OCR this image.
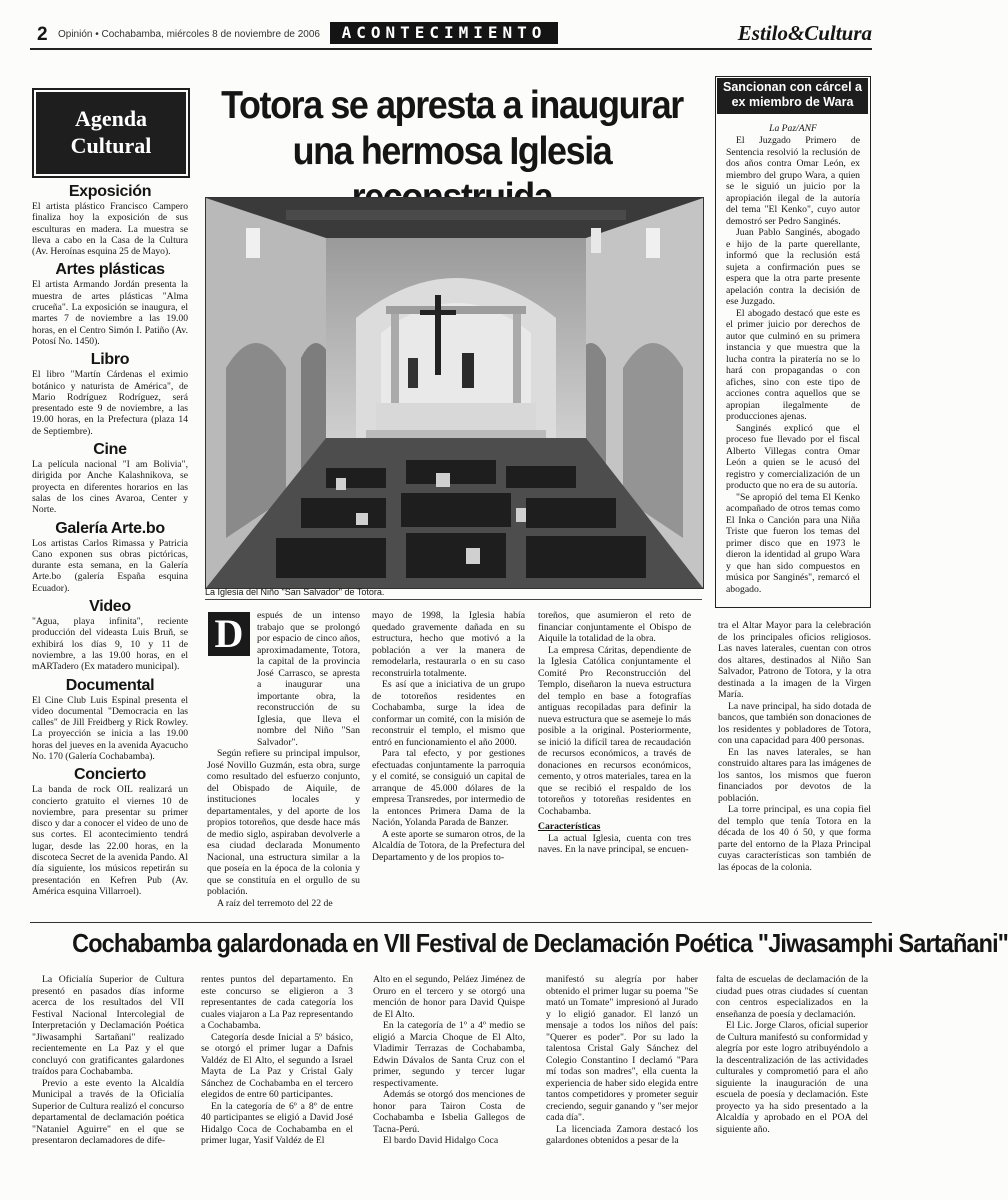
2 Opinión • Cochabamba, miércoles 8 de noviembre de 2006	ACONTECIMIENTO	Estilo&Cultura
Agenda
Cultural
Exposición

El artista plástico Francisco Campero finaliza hoy la exposición de sus esculturas en madera. La muestra se lleva a cabo en la Casa de la Cultura (Av. Heroínas esquina 25 de Mayo).

Artes plásticas

El artista Armando Jordán presenta la muestra de artes plásticas "Alma cruceña". La exposición se inaugura, el martes 7 de noviembre a las 19.00 horas, en el Centro Simón I. Patiño (Av. Potosí No. 1450).

Libro

El libro "Martín Cárdenas el eximio botánico y naturista de América", de Mario Rodríguez Rodríguez, será presentado este 9 de noviembre, a las 19.00 horas, en la Prefectura (plaza 14 de Septiembre).

Cine

La película nacional "I am Bolivia", dirigida por Anche Kalashnikova, se proyecta en diferentes horarios en las salas de los cines Avaroa, Center y Norte.

Galería Arte.bo

Los artistas Carlos Rimassa y Patricia Cano exponen sus obras pictóricas, durante esta semana, en la Galería Arte.bo (galería España esquina Ecuador).

Video

"Agua, playa infinita", reciente producción del videasta Luis Bruň, se exhibirá los días 9, 10 y 11 de noviembre, a las 19.00 horas, en el mARTadero (Ex matadero municipal).

Documental

El Cine Club Luis Espinal presenta el video documental "Democracia en las calles" de Jill Freidberg y Rick Rowley. La proyección se inicia a las 19.00 horas del jueves en la avenida Ayacucho No. 170 (Galería Cochabamba).

Concierto

La banda de rock OIL realizará un concierto gratuito el viernes 10 de noviembre, para presentar su primer disco y dar a conocer el video de uno de sus cortes. El acontecimiento tendrá lugar, desde las 22.00 horas, en la discoteca Secret de la avenida Pando. Al día siguiente, los músicos repetirán su presentación en Kefren Pub (Av. América esquina Villarroel).

Totora se apresta a inaugurar
una hermosa Iglesia
La Iglesia del Niño "San Salvador" de Totora.
Sancionan con cárcel a ex miembro de Wara
La Paz/ANF

El Juzgado Primero de Sentencia resolvió la reclusión de dos años contra Omar León, ex miembro del grupo Wara, a quien se le siguió un juicio por la apropiación ilegal de la autoría del tema "El Kenko", cuyo autor demostró ser Pedro Sanginés.

Juan Pablo Sanginés, abogado e hijo de la parte querellante, informó que la reclusión está sujeta a confirmación pues se espera que la otra parte presente apelación contra la decisión de ese Juzgado.

El abogado destacó que este es el primer juicio por derechos de autor que culminó en su primera instancia y que muestra que la lucha contra la piratería no se lo hará con propagandas o con afiches, sino con este tipo de acciones contra aquellos que se apropian ilegalmente de producciones ajenas.

Sanginés explicó que el proceso fue llevado por el fiscal Alberto Villegas contra Omar León a quien se le acusó del registro y comercialización de un producto que no era de su autoría.

"Se apropió del tema El Kenko acompañado de otros temas como El Inka o Canción para una Niña Triste que fueron los temas del primer disco que en 1973 le dieron la identidad al grupo Wara y que han sido compuestos en música por Sanginés", remarcó el abogado.

D	espués de un intenso trabajo que se prolongó por espacio de cinco años, aproximadamente, Totora, la capital de la provincia José Carrasco, se apresta a inaugurar una importante obra, la reconstrucción de su Iglesia, que lleva el nombre del Niño "San Salvador".

Según refiere su principal impulsor, José Novillo Guzmán, esta obra, surge como resultado del esfuerzo conjunto, del Obispado de Aiquile, de instituciones locales y departamentales, y del aporte de los propios totoreños, que desde hace más de medio siglo, aspiraban devolverle a esa ciudad declarada Monumento Nacional, una estructura similar a la que poseía en la época de la colonia y que se constituía en el orgullo de su población.

A raíz del terremoto del 22 de

mayo de 1998, la Iglesia había quedado gravemente dañada en su estructura, hecho que motivó a la población a ver la manera de remodelarla, restaurarla o en su caso reconstruirla totalmente.

Es así que a iniciativa de un grupo de totoreños residentes en Cochabamba, surge la idea de conformar un comité, con la misión de reconstruir el templo, el mismo que entró en funcionamiento el año 2000.

Para tal efecto, y por gestiones efectuadas conjuntamente la parroquia y el comité, se consiguió un capital de arranque de 45.000 dólares de la empresa Transredes, por intermedio de la entonces Primera Dama de la Nación, Yolanda Parada de Banzer.

A este aporte se sumaron otros, de la Alcaldía de Totora, de la Prefectura del Departamento y de los propios to-

toreños, que asumieron el reto de financiar conjuntamente el Obispo de Aiquile la totalidad de la obra.

La empresa Cáritas, dependiente de la Iglesia Católica conjuntamente el Comité Pro Reconstrucción del Templo, diseñaron la nueva estructura del templo en base a fotografías antiguas recopiladas para definir la nueva estructura que se asemeje lo más posible a la original. Posteriormente, se inició la difícil tarea de recaudación de recursos económicos, a través de donaciones en recursos económicos, cemento, y otros materiales, tarea en la que se recibió el respaldo de los totoreños y totoreñas residentes en Cochabamba.

Características

La actual Iglesia, cuenta con tres naves. En la nave principal, se encuen-

tra el Altar Mayor para la celebración de los principales oficios religiosos. Las naves laterales, cuentan con otros dos altares, destinados al Niño San Salvador, Patrono de Totora, y la otra destinada a la imagen de la Virgen María.

La nave principal, ha sido dotada de bancos, que también son donaciones de los residentes y pobladores de Totora, con una capacidad para 400 personas.

En las naves laterales, se han construido altares para las imágenes de los santos, los mismos que fueron financiados por devotos de la población.

La torre principal, es una copia fiel del templo que tenía Totora en la década de los 40 ó 50, y que forma parte del entorno de la Plaza Principal cuyas características son también de las épocas de la colonia.

Cochabamba galardonada en VII Festival de Declamación Poética "Jiwasamphi Sartañani"

La Oficialía Superior de Cultura presentó en pasados días informe acerca de los resultados del VII Festival Nacional Intercolegial de Interpretación y Declamación Poética "Jiwasamphi Sartañani" realizado recientemente en La Paz y el que concluyó con gratificantes galardones traídos para Cochabamba.

Previo a este evento la Alcaldía Municipal a través de la Oficialía Superior de Cultura realizó el concurso departamental de declamación poética "Nataniel Aguirre" en el que se presentaron declamadores de dife-

rentes puntos del departamento. En este concurso se eligieron a 3 representantes de cada categoría los cuales viajaron a La Paz representando a Cochabamba.

Categoría desde Inicial a 5º básico, se otorgó el primer lugar a Dafnis Valdéz de El Alto, el segundo a Israel Mayta de La Paz y Cristal Galy Sánchez de Cochabamba en el tercero elegidos de entre 60 participantes.

En la categoría de 6º a 8º de entre 40 participantes se eligió a David José Hidalgo Coca de Cochabamba en el primer lugar, Yasif Valdéz de El

Alto en el segundo, Peláez Jiménez de Oruro en el tercero y se otorgó una mención de honor para David Quispe de El Alto.

En la categoría de 1º a 4º medio se eligió a Marcia Choque de El Alto, Vladimir Terrazas de Cochabamba, Edwin Dávalos de Santa Cruz con el primer, segundo y tercer lugar respectivamente.

Además se otorgó dos menciones de honor para Tairon Costa de Cochabamba e Isbelia Gallegos de Tacna-Perú.

El bardo David Hidalgo Coca

manifestó su alegría por haber obtenido el primer lugar su poema "Se mató un Tomate" impresionó al Jurado y lo eligió ganador. El lanzó un mensaje a todos los niños del país: "Querer es poder". Por su lado la talentosa Cristal Galy Sánchez del Colegio Constantino I declamó "Para mí todas son madres", ella cuenta la experiencia de haber sido elegida entre tantos competidores y prometer seguir creciendo, seguir ganando y "ser mejor cada día".

La licenciada Zamora destacó los galardones obtenidos a pesar de la

falta de escuelas de declamación de la ciudad pues otras ciudades sí cuentan con centros especializados en la enseñanza de poesía y declamación.

El Lic. Jorge Claros, oficial superior de Cultura manifestó su conformidad y alegría por este logro atribuyéndolo a la descentralización de las actividades culturales y comprometió para el año siguiente la inauguración de una escuela de poesía y declamación. Este proyecto ya ha sido presentado a la Alcaldía y aprobado en el POA del siguiente año.
